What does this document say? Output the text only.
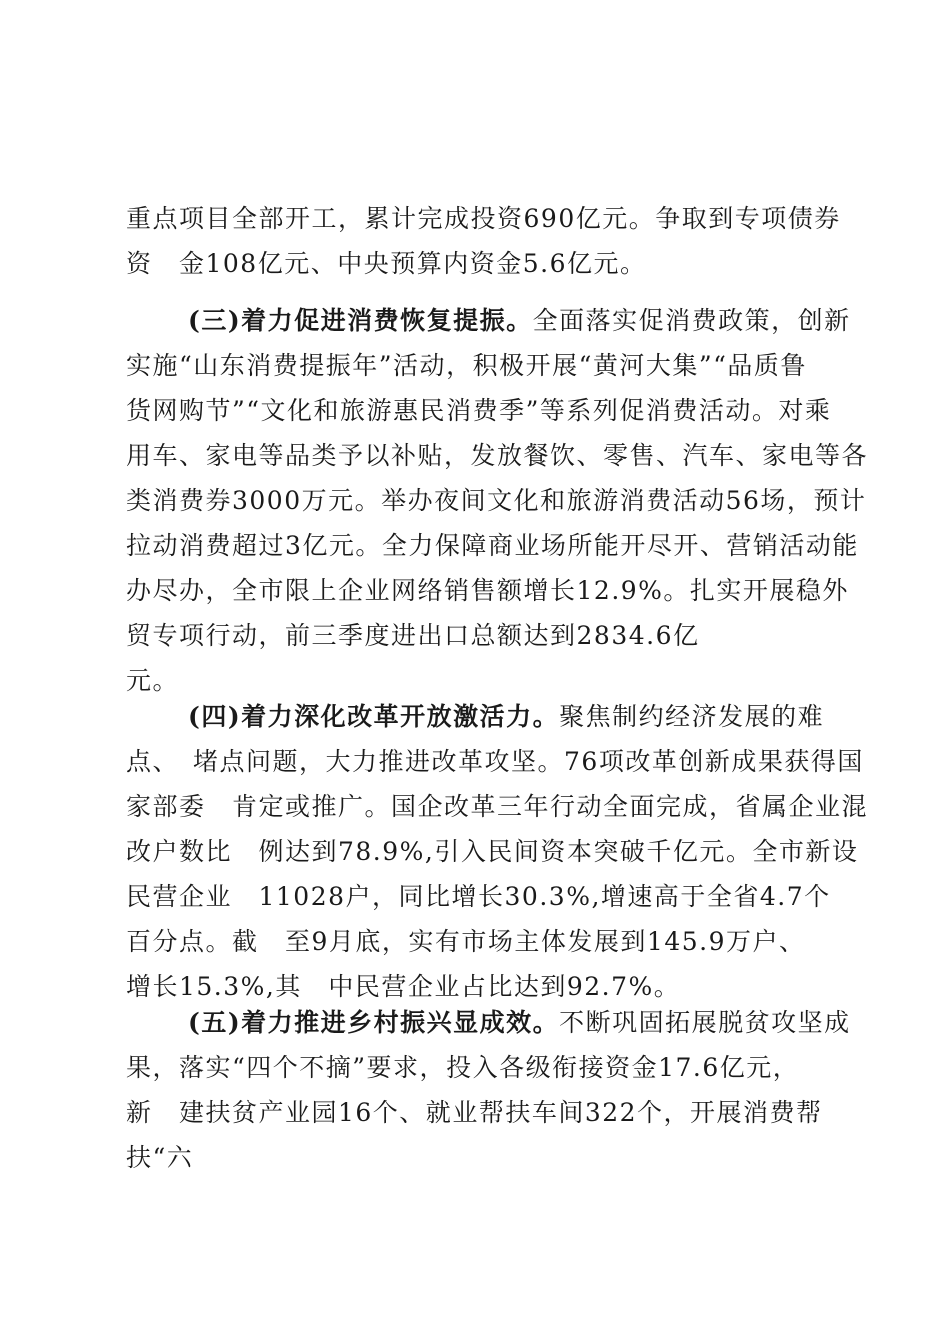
重点项目全部开工，累计完成投资690亿元。争取到专项债券
资　金108亿元、中央预算内资金5.6亿元。
(三)着力促进消费恢复提振。全面落实促消费政策，创新
实施“山东消费提振年”活动，积极开展“黄河大集”“品质鲁
货网购节”“文化和旅游惠民消费季”等系列促消费活动。对乘
用车、家电等品类予以补贴，发放餐饮、零售、汽车、家电等各
类消费券3000万元。举办夜间文化和旅游消费活动56场，预计
拉动消费超过3亿元。全力保障商业场所能开尽开、营销活动能
办尽办，全市限上企业网络销售额增长12.9%。扎实开展稳外
贸专项行动，前三季度进出口总额达到2834.6亿
元。
(四)着力深化改革开放激活力。聚焦制约经济发展的难
点、　堵点问题，大力推进改革攻坚。76项改革创新成果获得国
家部委　肯定或推广。国企改革三年行动全面完成，省属企业混
改户数比　例达到78.9%,引入民间资本突破千亿元。全市新设
民营企业　11028户，同比增长30.3%,增速高于全省4.7个
百分点。截　至9月底，实有市场主体发展到145.9万户、
增长15.3%,其　中民营企业占比达到92.7%。
(五)着力推进乡村振兴显成效。不断巩固拓展脱贫攻坚成
果，落实“四个不摘”要求，投入各级衔接资金17.6亿元，
新　建扶贫产业园16个、就业帮扶车间322个，开展消费帮
扶“六
